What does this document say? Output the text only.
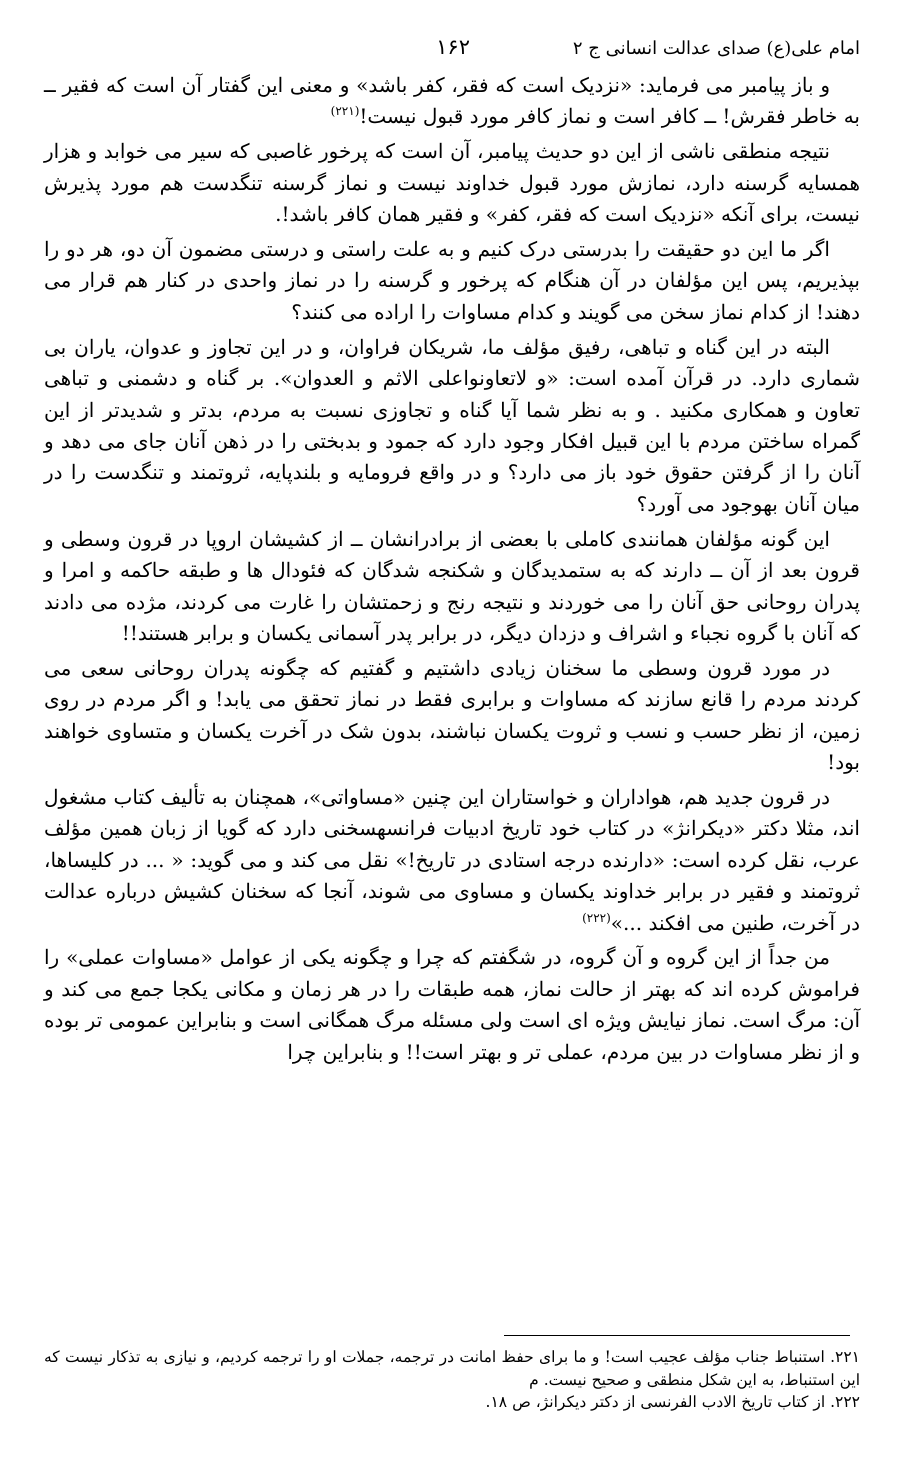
امام علی(ع) صدای عدالت انسانی ج ۲
۱۶۲

و باز پیامبر می فرماید: «نزدیک است که فقر، کفر باشد» و معنی این گفتار آن است که فقیر ــ به خاطر فقرش! ــ کافر است و نماز کافر مورد قبول نیست!$^{(۲۲۱)}$

نتیجه منطقی ناشی از این دو حدیث پیامبر، آن است که پرخور غاصبی که سیر می خوابد و هزار همسایه گرسنه دارد، نمازش مورد قبول خداوند نیست و نماز گرسنه تنگدست هم مورد پذیرش نیست، برای آنکه «نزدیک است که فقر، کفر» و فقیر همان کافر باشد!.

اگر ما این دو حقیقت را بدرستی درک کنیم و به علت راستی و درستی مضمون آن دو، هر دو را بپذیریم، پس این مؤلفان در آن هنگام که پرخور و گرسنه را در نماز واحدی در کنار هم قرار می دهند! از کدام نماز سخن می گویند و کدام مساوات را اراده می کنند؟

البته در این گناه و تباهی، رفیق مؤلف ما، شریکان فراوان، و در این تجاوز و عدوان، یاران بی شماری دارد. در قرآن آمده است: «و لاتعاونواعلی الاثم و العدوان». بر گناه و دشمنی و تباهی تعاون و همکاری مکنید . و به نظر شما آیا گناه و تجاوزی نسبت به مردم، بدتر و شدیدتر از این گمراه ساختن مردم با این قبیل افکار وجود دارد که جمود و بدبختی را در ذهن آنان جای می دهد و آنان را از گرفتن حقوق خود باز می دارد؟ و در واقع فرومایه و بلندپایه، ثروتمند و تنگدست را در میان آنان بهوجود می آورد؟

این گونه مؤلفان همانندی کاملی با بعضی از برادرانشان ــ از کشیشان اروپا در قرون وسطی و قرون بعد از آن ــ دارند که به ستمدیدگان و شکنجه شدگان که فئودال ها و طبقه حاکمه و امرا و پدران روحانی حق آنان را می خوردند و نتیجه رنج و زحمتشان را غارت می کردند، مژده می دادند که آنان با گروه نجباء و اشراف و دزدان دیگر، در برابر پدر آسمانی یکسان و برابر هستند!!

در مورد قرون وسطی ما سخنان زیادی داشتیم و گفتیم که چگونه پدران روحانی سعی می کردند مردم را قانع سازند که مساوات و برابری فقط در نماز تحقق می یابد! و اگر مردم در روی زمین، از نظر حسب و نسب و ثروت یکسان نباشند، بدون شک در آخرت یکسان و متساوی خواهند بود!

در قرون جدید هم، هواداران و خواستاران این چنین «مساواتی»، همچنان به تألیف کتاب مشغول اند، مثلا دکتر «دیکرانژ» در کتاب خود تاریخ ادبیات فرانسهسخنی دارد که گویا از زبان همین مؤلف عرب، نقل کرده است: «دارنده درجه استادی در تاریخ!» نقل می کند و می گوید: « ... در کلیساها، ثروتمند و فقیر در برابر خداوند یکسان و مساوی می شوند، آنجا که سخنان کشیش درباره عدالت در آخرت، طنین می افکند ...»$^{(۲۲۲)}$

من جداً از این گروه و آن گروه، در شگفتم که چرا و چگونه یکی از عوامل «مساوات عملی» را فراموش کرده اند که بهتر از حالت نماز، همه طبقات را در هر زمان و مکانی یکجا جمع می کند و آن: مرگ است. نماز نیایش ویژه ای است ولی مسئله مرگ همگانی است و بنابراین عمومی تر بوده و از نظر مساوات در بین مردم، عملی تر و بهتر است!! و بنابراین چرا

۲۲۱. استنباط جناب مؤلف عجیب است! و ما برای حفظ امانت در ترجمه، جملات او را ترجمه کردیم، و نیازی به تذکار نیست که این استنباط، به این شکل منطقی و صحیح نیست. م

۲۲۲. از کتاب تاریخ الادب الفرنسی از دکتر دیکرانژ، ص ۱۸.
